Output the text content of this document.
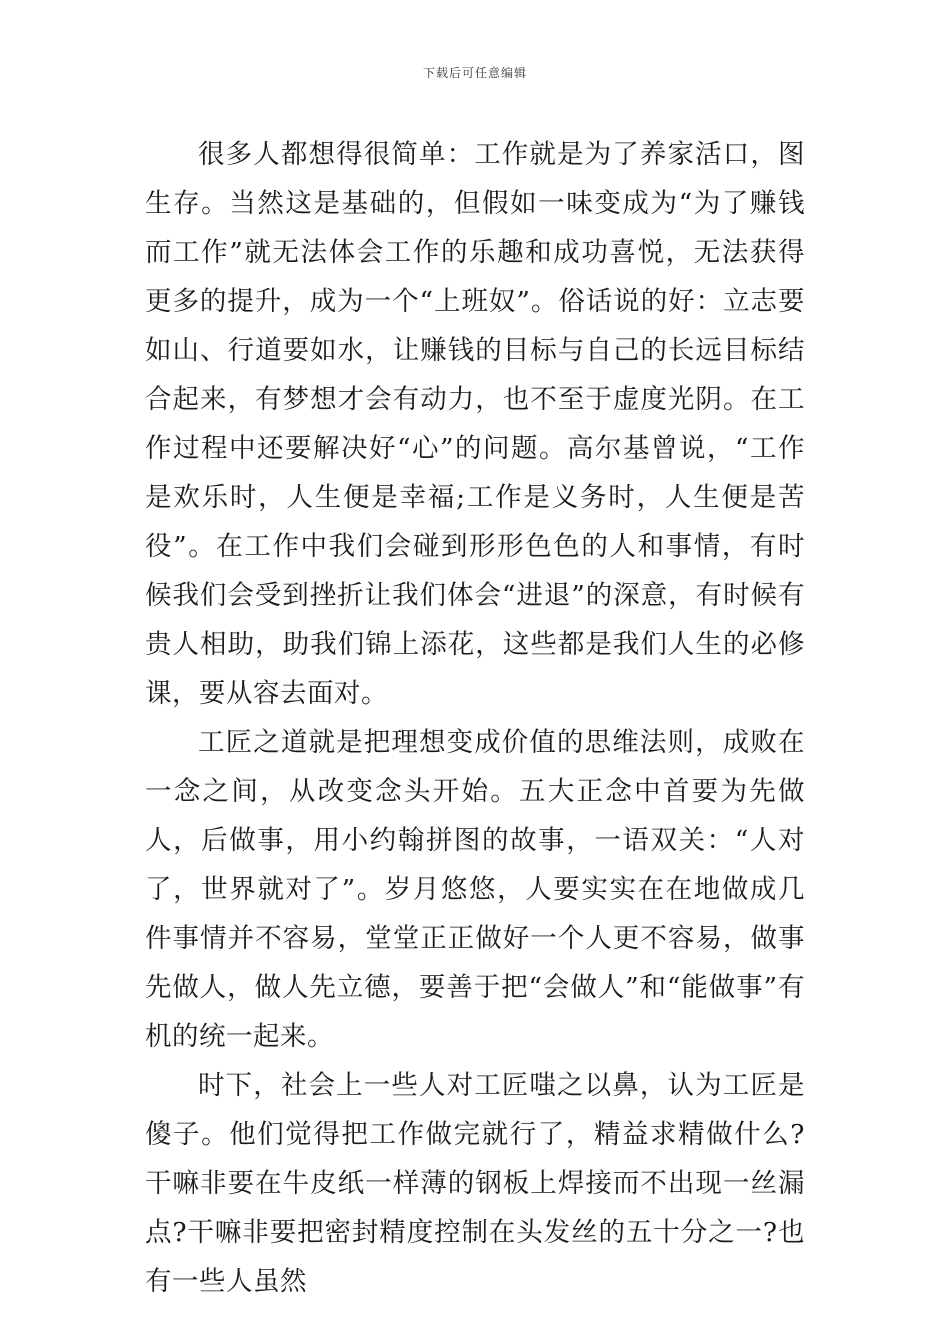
下载后可任意编辑

很多人都想得很简单：工作就是为了养家活口，图生存。当然这是基础的，但假如一味变成为“为了赚钱而工作”就无法体会工作的乐趣和成功喜悦，无法获得更多的提升，成为一个“上班奴”。俗话说的好：立志要如山、行道要如水，让赚钱的目标与自己的长远目标结合起来，有梦想才会有动力，也不至于虚度光阴。在工作过程中还要解决好“心”的问题。高尔基曾说，“工作是欢乐时，人生便是幸福;工作是义务时，人生便是苦役”。在工作中我们会碰到形形色色的人和事情，有时候我们会受到挫折让我们体会“进退”的深意，有时候有贵人相助，助我们锦上添花，这些都是我们人生的必修课，要从容去面对。

工匠之道就是把理想变成价值的思维法则，成败在一念之间，从改变念头开始。五大正念中首要为先做人，后做事，用小约翰拼图的故事，一语双关：“人对了，世界就对了”。岁月悠悠，人要实实在在地做成几件事情并不容易，堂堂正正做好一个人更不容易，做事先做人，做人先立德，要善于把“会做人”和“能做事”有机的统一起来。

时下，社会上一些人对工匠嗤之以鼻，认为工匠是傻子。他们觉得把工作做完就行了，精益求精做什么?干嘛非要在牛皮纸一样薄的钢板上焊接而不出现一丝漏点?干嘛非要把密封精度控制在头发丝的五十分之一?也有一些人虽然
